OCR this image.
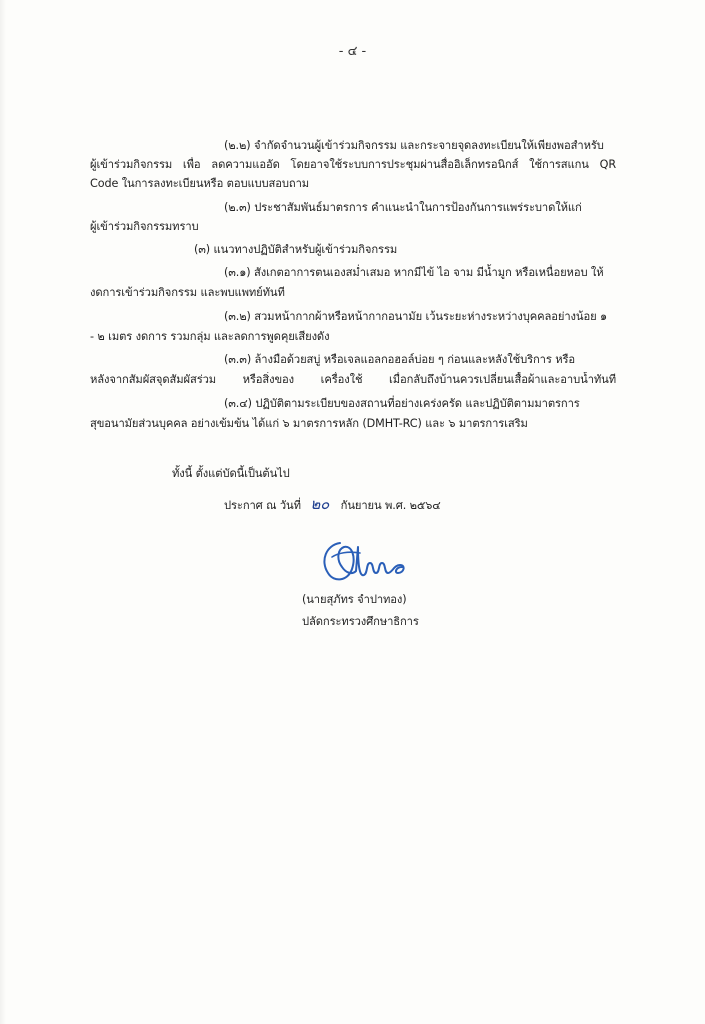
- ๔ -
(๒.๒) จำกัดจำนวนผู้เข้าร่วมกิจกรรม และกระจายจุดลงทะเบียนให้เพียงพอสำหรับ
ผู้เข้าร่วมกิจกรรม เพื่อ ลดความแออัด โดยอาจใช้ระบบการประชุมผ่านสื่ออิเล็กทรอนิกส์ ใช้การสแกน QR
Code ในการลงทะเบียนหรือ ตอบแบบสอบถาม
(๒.๓) ประชาสัมพันธ์มาตรการ คำแนะนำในการป้องกันการแพร่ระบาดให้แก่
ผู้เข้าร่วมกิจกรรมทราบ
(๓) แนวทางปฏิบัติสำหรับผู้เข้าร่วมกิจกรรม
(๓.๑) สังเกตอาการตนเองสม่ำเสมอ หากมีไข้ ไอ จาม มีน้ำมูก หรือเหนื่อยหอบ ให้
งดการเข้าร่วมกิจกรรม และพบแพทย์ทันที
(๓.๒) สวมหน้ากากผ้าหรือหน้ากากอนามัย เว้นระยะห่างระหว่างบุคคลอย่างน้อย ๑
- ๒ เมตร งดการ รวมกลุ่ม และลดการพูดคุยเสียงดัง
(๓.๓) ล้างมือด้วยสบู่ หรือเจลแอลกอฮอล์บ่อย ๆ ก่อนและหลังใช้บริการ หรือ
หลังจากสัมผัสจุดสัมผัสร่วม หรือสิ่งของ เครื่องใช้ เมื่อกลับถึงบ้านควรเปลี่ยนเสื้อผ้าและอาบน้ำทันที
(๓.๔) ปฏิบัติตามระเบียบของสถานที่อย่างเคร่งครัด และปฏิบัติตามมาตรการ
สุขอนามัยส่วนบุคคล อย่างเข้มข้น ได้แก่ ๖ มาตรการหลัก (DMHT-RC) และ ๖ มาตรการเสริม
ทั้งนี้ ตั้งแต่บัดนี้เป็นต้นไป
ประกาศ ณ วันที่ ๒๐ กันยายน พ.ศ. ๒๕๖๔
(นายสุภัทร จำปาทอง)
ปลัดกระทรวงศึกษาธิการ
